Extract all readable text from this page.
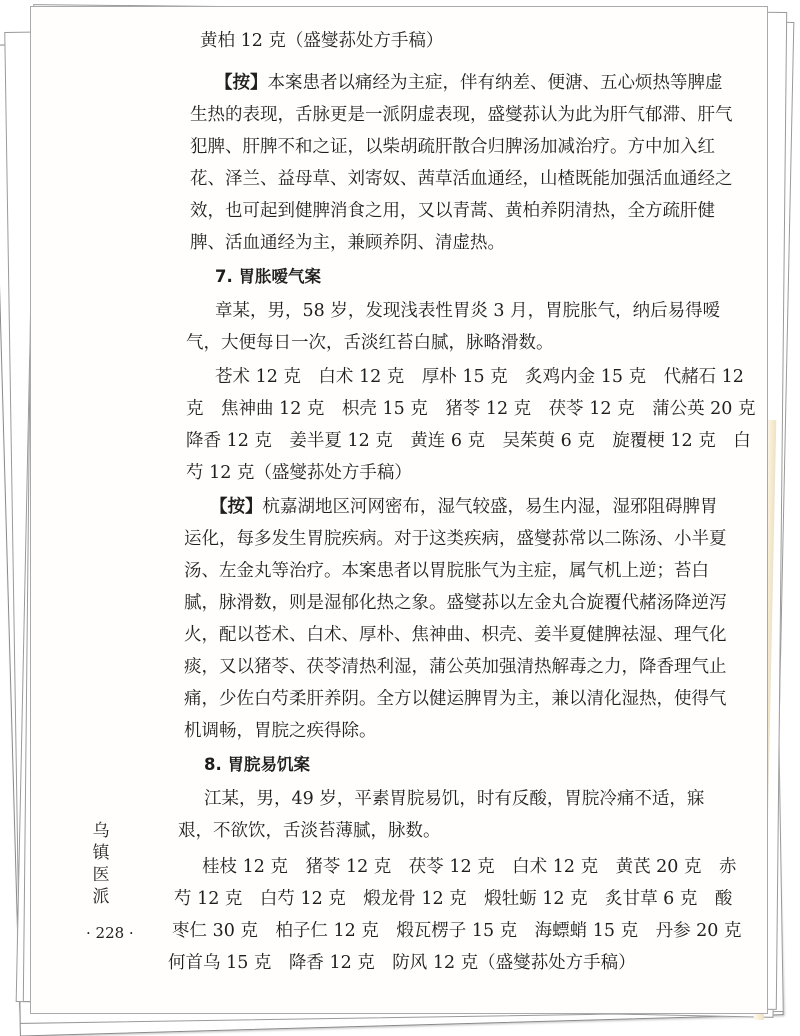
黄柏 12 克（盛燮荪处方手稿）
【按】本案患者以痛经为主症，伴有纳差、便溏、五心烦热等脾虚
生热的表现，舌脉更是一派阴虚表现，盛燮荪认为此为肝气郁滞、肝气
犯脾、肝脾不和之证，以柴胡疏肝散合归脾汤加减治疗。方中加入红
花、泽兰、益母草、刘寄奴、茜草活血通经，山楂既能加强活血通经之
效，也可起到健脾消食之用，又以青蒿、黄柏养阴清热，全方疏肝健
脾、活血通经为主，兼顾养阴、清虚热。
7. 胃胀嗳气案
章某，男，58 岁，发现浅表性胃炎 3 月，胃脘胀气，纳后易得嗳
气，大便每日一次，舌淡红苔白腻，脉略滑数。
苍术 12 克　白术 12 克　厚朴 15 克　炙鸡内金 15 克　代赭石 12
克　焦神曲 12 克　枳壳 15 克　猪苓 12 克　茯苓 12 克　蒲公英 20 克
降香 12 克　姜半夏 12 克　黄连 6 克　吴茱萸 6 克　旋覆梗 12 克　白
芍 12 克（盛燮荪处方手稿）
【按】杭嘉湖地区河网密布，湿气较盛，易生内湿，湿邪阻碍脾胃
运化，每多发生胃脘疾病。对于这类疾病，盛燮荪常以二陈汤、小半夏
汤、左金丸等治疗。本案患者以胃脘胀气为主症，属气机上逆；苔白
腻，脉滑数，则是湿郁化热之象。盛燮荪以左金丸合旋覆代赭汤降逆泻
火，配以苍术、白术、厚朴、焦神曲、枳壳、姜半夏健脾祛湿、理气化
痰，又以猪苓、茯苓清热利湿，蒲公英加强清热解毒之力，降香理气止
痛，少佐白芍柔肝养阴。全方以健运脾胃为主，兼以清化湿热，使得气
机调畅，胃脘之疾得除。
8. 胃脘易饥案
江某，男，49 岁，平素胃脘易饥，时有反酸，胃脘冷痛不适，寐
艰，不欲饮，舌淡苔薄腻，脉数。
桂枝 12 克　猪苓 12 克　茯苓 12 克　白术 12 克　黄芪 20 克　赤
芍 12 克　白芍 12 克　煅龙骨 12 克　煅牡蛎 12 克　炙甘草 6 克　酸
枣仁 30 克　柏子仁 12 克　煅瓦楞子 15 克　海螵蛸 15 克　丹参 20 克
何首乌 15 克　降香 12 克　防风 12 克（盛燮荪处方手稿）
乌
镇
医
派
· 228 ·
